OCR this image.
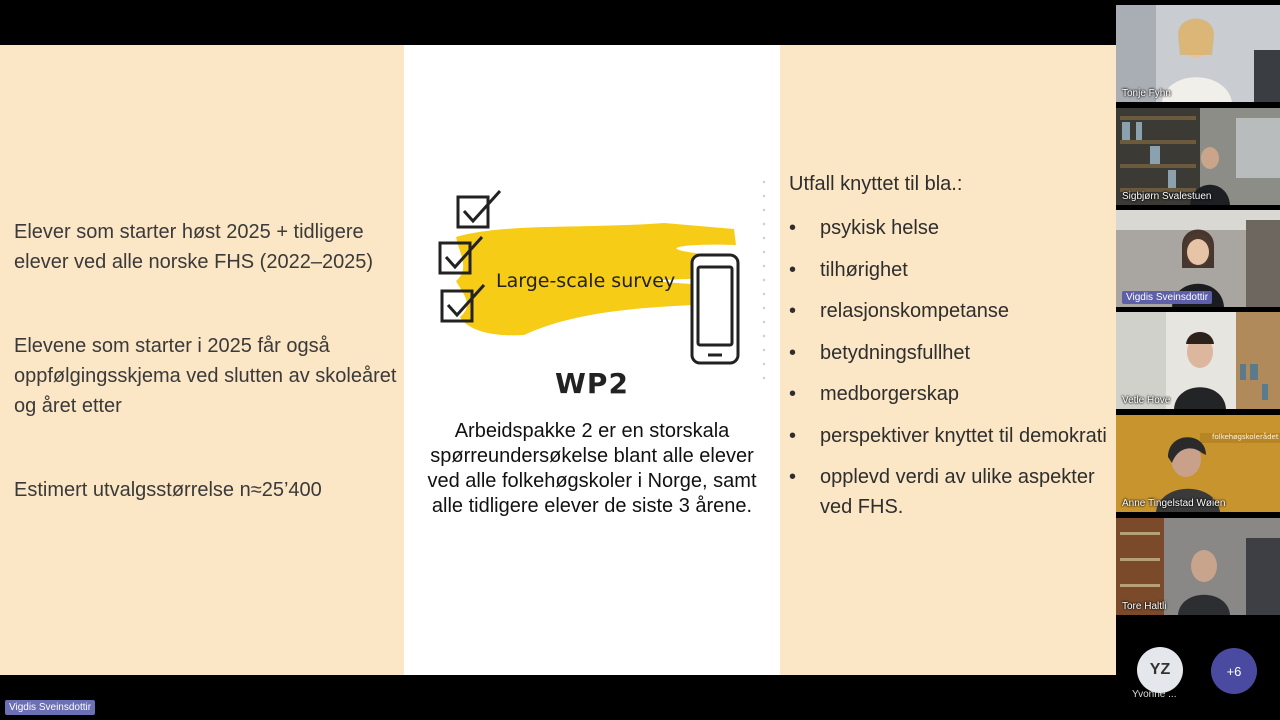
Elever som starter høst 2025 + tidligere elever ved alle norske FHS (2022–2025)

Elevene som starter i 2025 får også oppfølgingsskjema ved slutten av skoleåret og året etter

Estimert utvalgsstørrelse n≈25’400

Large-scale survey
WP2

Arbeidspakke 2 er en storskala spørreundersøkelse blant alle elever ved alle folkehøgskoler i Norge, samt alle tidligere elever de siste 3 årene.

Utfall knyttet til bla.:

• psykisk helse
• tilhørighet
• relasjonskompetanse
• betydningsfullhet
• medborgerskap
• perspektiver knyttet til demokrati
• opplevd verdi av ulike aspekter ved FHS.
Tonje Fyhn
Sigbjørn Svalestuen
Vigdis Sveinsdottir
Vetle Hove
folkehøgskolerådet
Anne Tingelstad Wøien
Tore Haltli
YZ
Yvonne ...
+6
Vigdis Sveinsdottir
